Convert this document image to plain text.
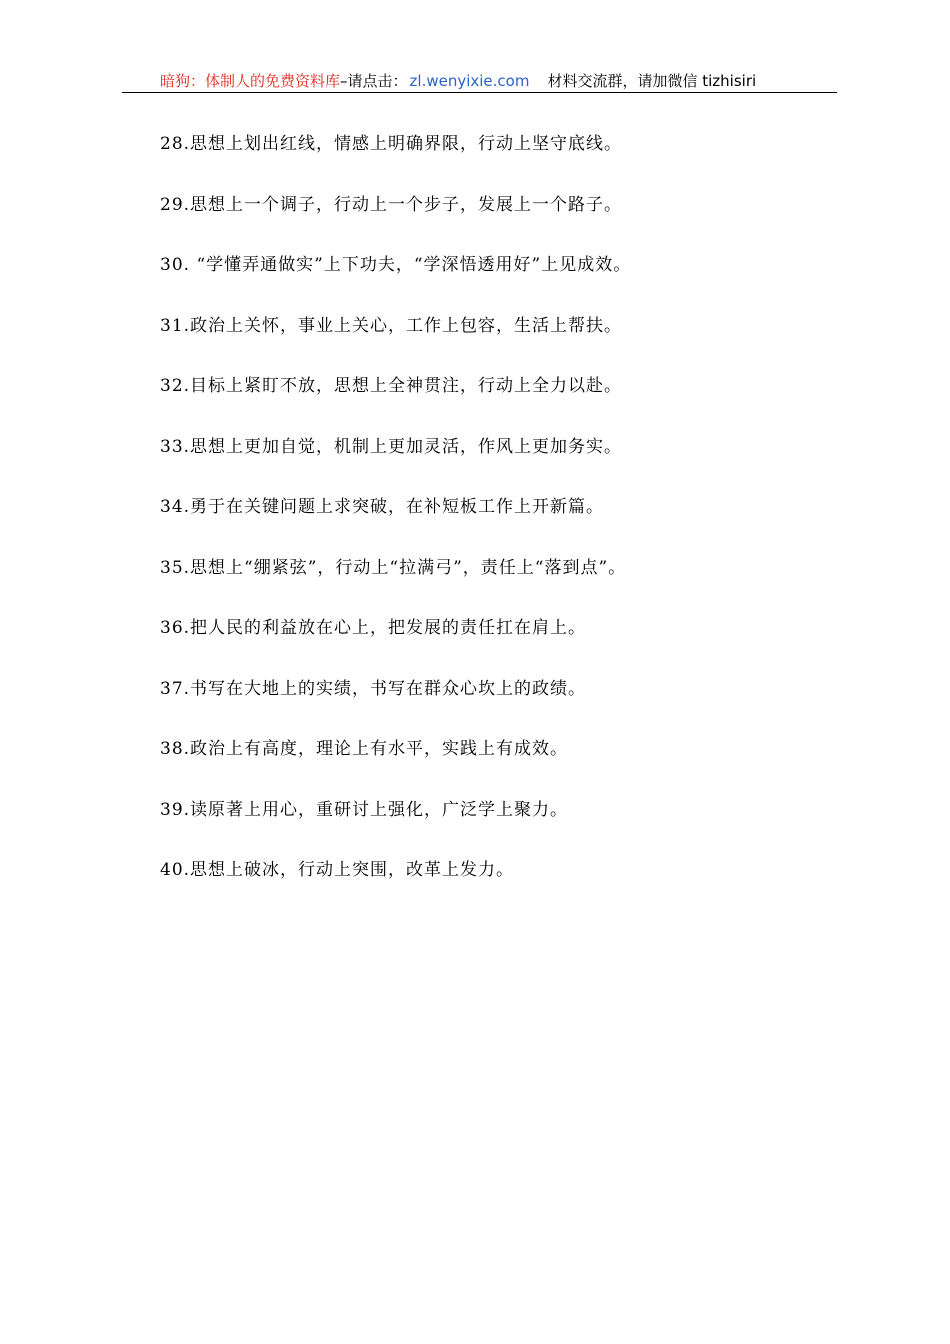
暗狗：体制人的免费资料库–请点击： zl.wenyixie.com 材料交流群，请加微信 tizhisiri
28.思想上划出红线，情感上明确界限，行动上坚守底线。
29.思想上一个调子，行动上一个步子，发展上一个路子。
30. “学懂弄通做实”上下功夫，“学深悟透用好”上见成效。
31.政治上关怀，事业上关心，工作上包容，生活上帮扶。
32.目标上紧盯不放，思想上全神贯注，行动上全力以赴。
33.思想上更加自觉，机制上更加灵活，作风上更加务实。
34.勇于在关键问题上求突破，在补短板工作上开新篇。
35.思想上“绷紧弦”，行动上“拉满弓”，责任上“落到点”。
36.把人民的利益放在心上，把发展的责任扛在肩上。
37.书写在大地上的实绩，书写在群众心坎上的政绩。
38.政治上有高度，理论上有水平，实践上有成效。
39.读原著上用心，重研讨上强化，广泛学上聚力。
40.思想上破冰，行动上突围，改革上发力。
